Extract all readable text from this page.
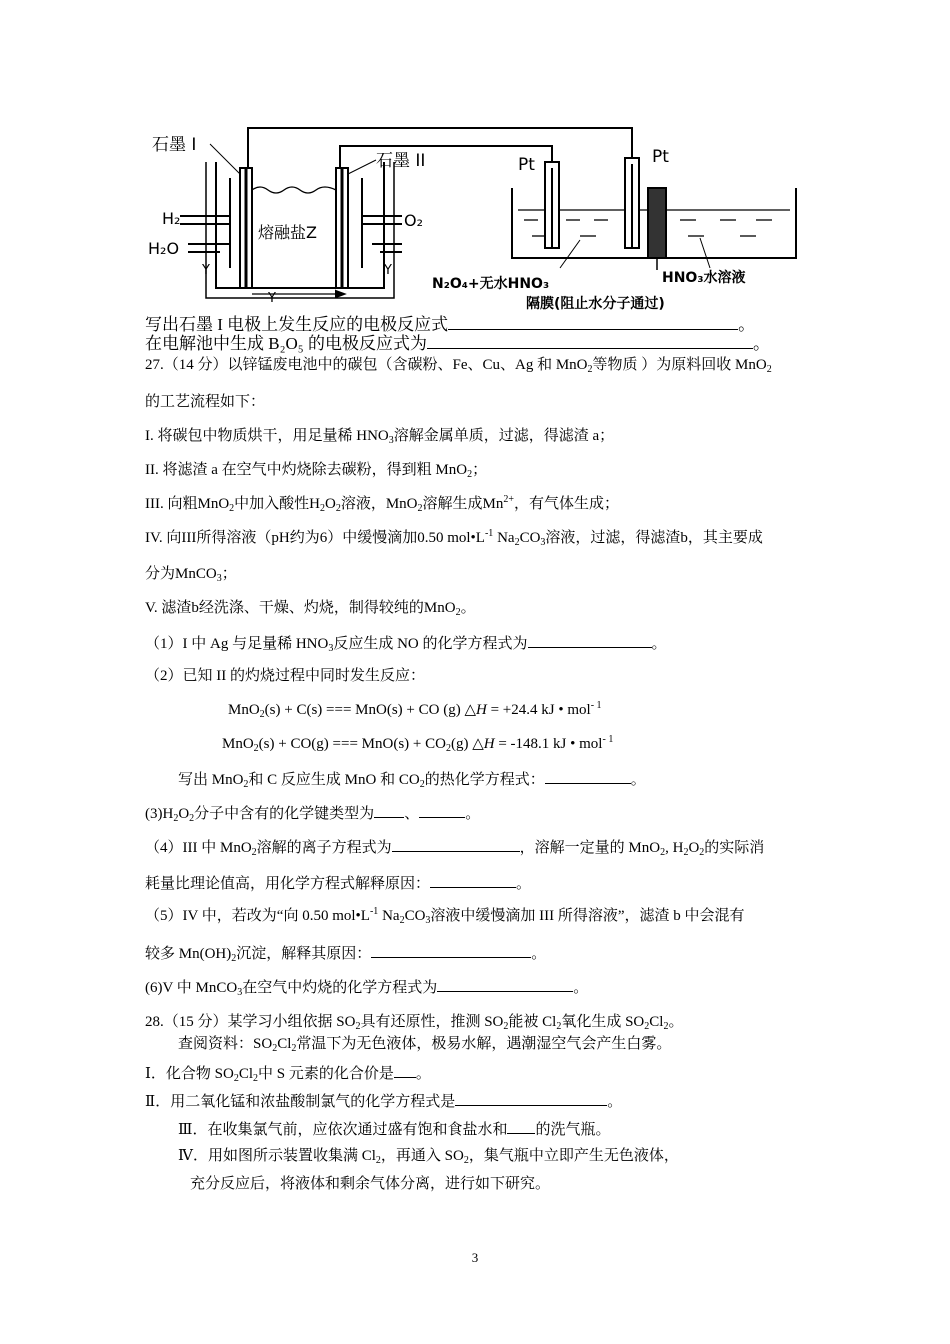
石墨 I
石墨 II
熔融盐Z
H₂
H₂O
O₂
Y	Y
Y
Pt	Pt
N₂O₄+无水HNO₃	HNO₃水溶液
隔膜(阻止水分子通过)
写出石墨 I 电极上发生反应的电极反应式	。
在电解池中生成 B₂O₅ 的电极反应式为	。
27.（14 分）以锌锰废电池中的碳包（含碳粉、Fe、Cu、Ag 和 MnO$_2$等物质 ）为原料回收 MnO$_2$
的工艺流程如下：
I. 将碳包中物质烘干，用足量稀 $HNO_3$溶解金属单质，过滤，得滤渣 a；
II. 将滤渣 a 在空气中灼烧除去碳粉，得到粗 MnO$_2$；
III. 向粗MnO$_2$中加入酸性$H_2O_2$溶液，MnO$_2$溶解生成$Mn^{2+}$，有气体生成；
IV. 向III所得溶液（pH约为6）中缓慢滴加0.50 $mol•L^{-1}$ $Na_2CO_3$溶液，过滤，得滤渣b，其主要成
分为MnCO$_3$；
V. 滤渣b经洗涤、干燥、灼烧，制得较纯的MnO$_2$。
（1）I 中 Ag 与足量稀 $HNO_3$反应生成 NO 的化学方程式为	。
（2）已知 II 的灼烧过程中同时发生反应：
MnO$_2$(s) + C(s) === MnO(s) + CO (g) △H = +24.4 kJ • mol$^{- 1}$
MnO$_2$(s) + CO(g) === $MnO(s) + CO_2(g)$ △H = -148.1 kJ • mol$^{- 1}$
写出 MnO$_2$和 C 反应生成 MnO 和 $CO_2$的热化学方程式：	。
$(3)H_2O_2$分子中含有的化学键类型为 、	。
（4）III 中 MnO$_2$溶解的离子方程式为	，溶解一定量的 MnO$_2$, $H_2O_2$的实际消
耗量比理论值高，用化学方程式解释原因：	。
（5）IV 中，若改为“向 0.50 $mol•L^{-1}$ $Na_2CO_3$溶液中缓慢滴加 III 所得溶液”，滤渣 b 中会混有
较多 $Mn(OH)_2$沉淀，解释其原因：	。
(6)V 中 MnCO$_3$在空气中灼烧的化学方程式为	。
28.（15 分）某学习小组依据 $SO_2$具有还原性，推测 $SO_2$能被 $Cl_2$氧化生成 $SO_2Cl_2$。
查阅资料：$SO_2Cl_2$常温下为无色液体，极易水解，遇潮湿空气会产生白雾。
Ⅰ．化合物 $SO_2Cl_2$中 S 元素的化合价是 。
Ⅱ．用二氧化锰和浓盐酸制氯气的化学方程式是	。
Ⅲ．在收集氯气前，应依次通过盛有饱和食盐水和 的洗气瓶。
Ⅳ．用如图所示装置收集满 $Cl_2$，再通入 $SO_2$，集气瓶中立即产生无色液体，
充分反应后，将液体和剩余气体分离，进行如下研究。
3
